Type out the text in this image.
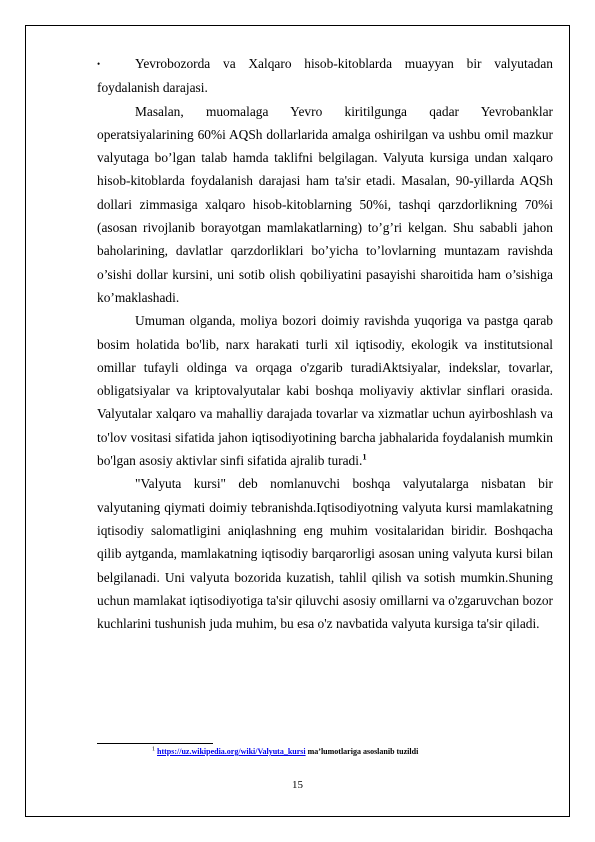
•	Yevrobozorda va Xalqaro hisob-kitoblarda muayyan bir valyutadan foydalanish darajasi.

Masalan, muomalaga Yevro kiritilgunga qadar Yevrobanklar operatsiyalarining 60%i AQSh dollarlarida amalga oshirilgan va ushbu omil mazkur valyutaga bo’lgan talab hamda taklifni belgilagan. Valyuta kursiga undan xalqaro hisob-kitoblarda foydalanish darajasi ham ta'sir etadi. Masalan, 90-yillarda AQSh dollari zimmasiga xalqaro hisob-kitoblarning 50%i, tashqi qarzdorlikning 70%i (asosan rivojlanib borayotgan mamlakatlarning) to’g’ri kelgan. Shu sababli jahon baholarining, davlatlar qarzdorliklari bo’yicha to’lovlarning muntazam ravishda o’sishi dollar kursini, uni sotib olish qobiliyatini pasayishi sharoitida ham o’sishiga ko’maklashadi.

Umuman olganda, moliya bozori doimiy ravishda yuqoriga va pastga qarab bosim holatida bo'lib, narx harakati turli xil iqtisodiy, ekologik va institutsional omillar tufayli oldinga va orqaga o'zgarib turadiAktsiyalar, indekslar, tovarlar, obligatsiyalar va kriptovalyutalar kabi boshqa moliyaviy aktivlar sinflari orasida. Valyutalar xalqaro va mahalliy darajada tovarlar va xizmatlar uchun ayirboshlash va to'lov vositasi sifatida jahon iqtisodiyotining barcha jabhalarida foydalanish mumkin bo'lgan asosiy aktivlar sinfi sifatida ajralib turadi.$^1$

"Valyuta kursi" deb nomlanuvchi boshqa valyutalarga nisbatan bir valyutaning qiymati doimiy tebranishda.Iqtisodiyotning valyuta kursi mamlakatning iqtisodiy salomatligini aniqlashning eng muhim vositalaridan biridir. Boshqacha qilib aytganda, mamlakatning iqtisodiy barqarorligi asosan uning valyuta kursi bilan belgilanadi. Uni valyuta bozorida kuzatish, tahlil qilish va sotish mumkin.Shuning uchun mamlakat iqtisodiyotiga ta'sir qiluvchi asosiy omillarni va o'zgaruvchan bozor kuchlarini tushunish juda muhim, bu esa o'z navbatida valyuta kursiga ta'sir qiladi.

$^1$ https://uz.wikipedia.org/wiki/Valyuta_kursi ma’lumotlariga asoslanib tuzildi
15
